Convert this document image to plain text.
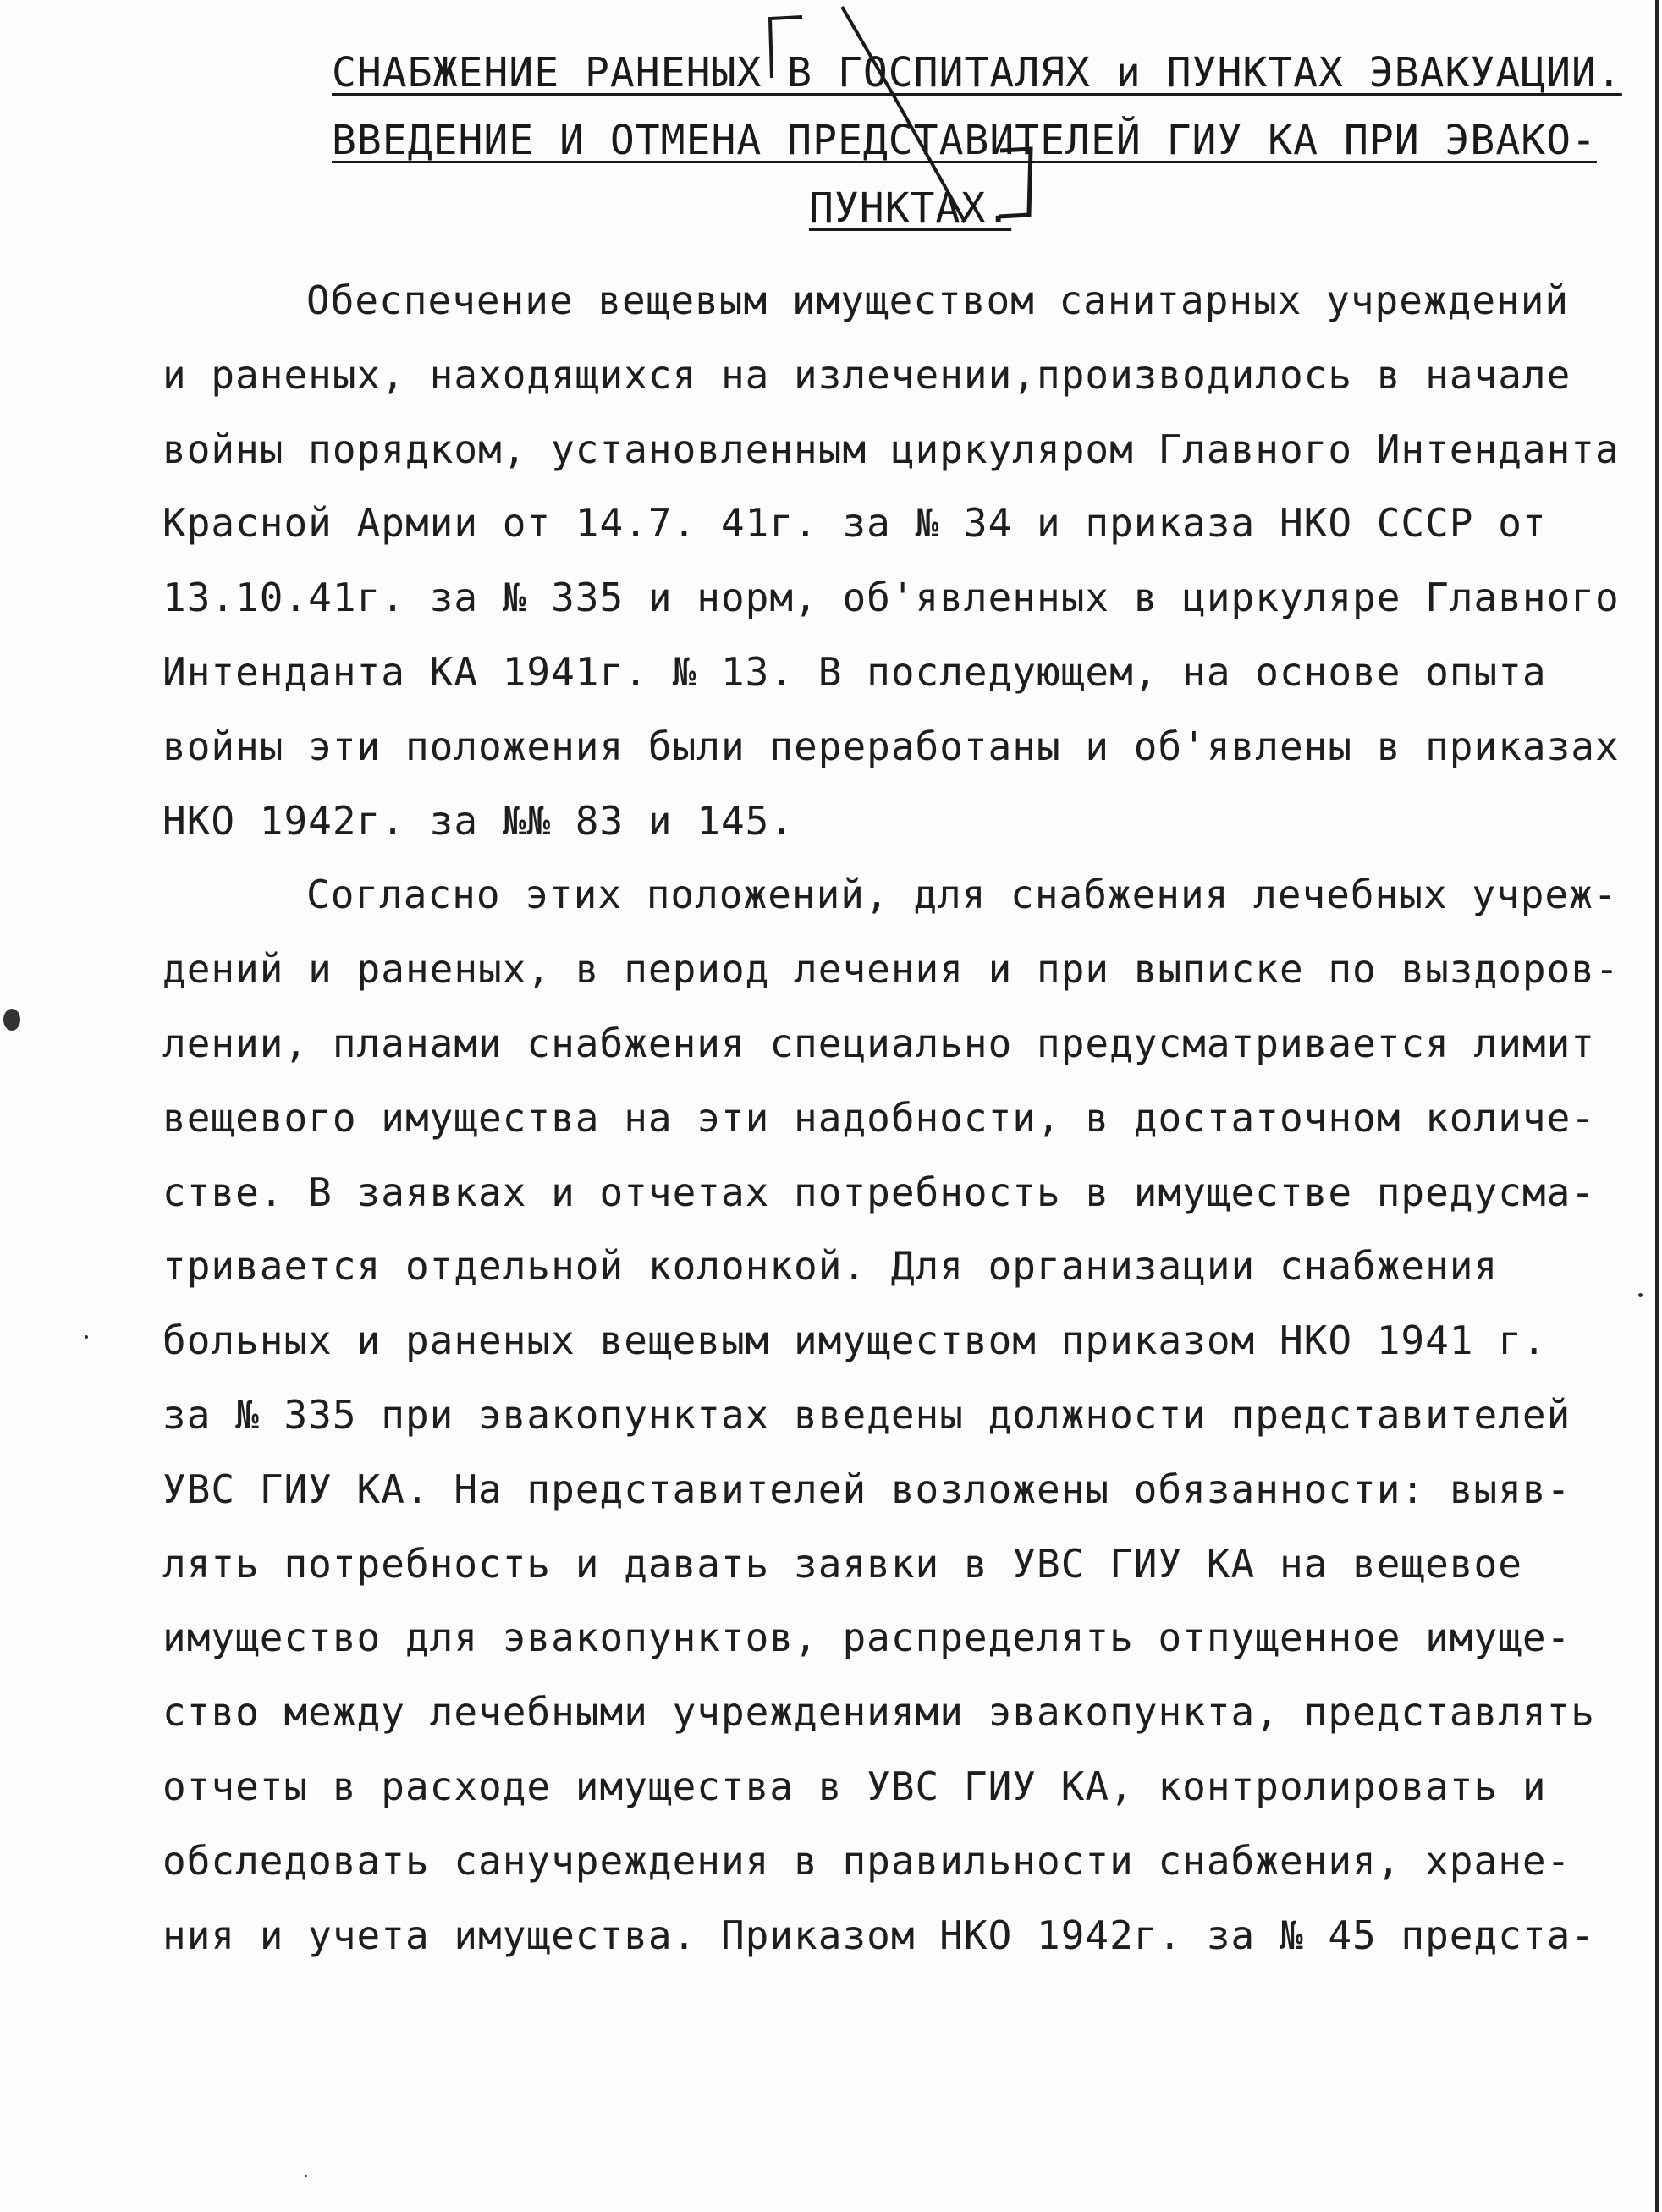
СНАБЖЕНИЕ РАНЕНЫХ В ГОСПИТАЛЯХ и ПУНКТАХ ЭВАКУАЦИИ.
ВВЕДЕНИЕ И ОТМЕНА ПРЕДСТАВИТЕЛЕЙ ГИУ КА ПРИ ЭВАКО-
ПУНКТАХ.
Обеспечение вещевым имуществом санитарных учреждений
и раненых, находящихся на излечении,производилось в начале
войны порядком, установленным циркуляром Главного Интенданта
Красной Армии от 14.7. 41г. за № 34 и приказа НКО СССР от
13.10.41г. за № 335 и норм, об'явленных в циркуляре Главного
Интенданта КА 1941г. № 13. В последующем, на основе опыта
войны эти положения были переработаны и об'явлены в приказах
НКО 1942г. за №№ 83 и 145.
Согласно этих положений, для снабжения лечебных учреж-
дений и раненых, в период лечения и при выписке по выздоров-
лении, планами снабжения специально предусматривается лимит
вещевого имущества на эти надобности, в достаточном количе-
стве. В заявках и отчетах потребность в имуществе предусма-
тривается отдельной колонкой. Для организации снабжения
больных и раненых вещевым имуществом приказом НКО 1941 г.
за № 335 при эвакопунктах введены должности представителей
УВС ГИУ КА. На представителей возложены обязанности: выяв-
лять потребность и давать заявки в УВС ГИУ КА на вещевое
имущество для эвакопунктов, распределять отпущенное имуще-
ство между лечебными учреждениями эвакопункта, представлять
отчеты в расходе имущества в УВС ГИУ КА, контролировать и
обследовать санучреждения в правильности снабжения, хране-
ния и учета имущества. Приказом НКО 1942г. за № 45 предста-
